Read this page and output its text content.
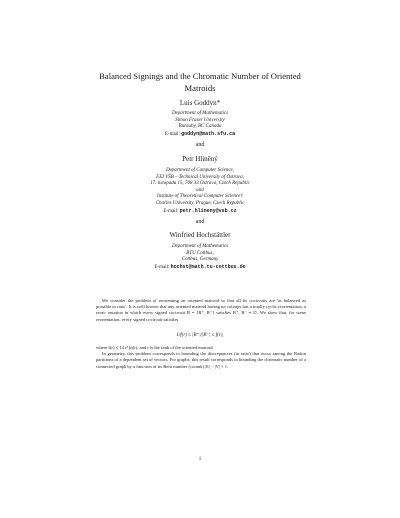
Balanced Signings and the Chromatic Number of Oriented
Matroids
Luis Goddyn*
Department of Mathematics
Simon Fraser University
Burnaby, BC Canada
E-mail: goddyn@math.sfu.ca
and
Petr Hliněný
Department of Computer Science,
FEI VŠB – Technical University of Ostrava,
17. listopadu 15, 708 33 Ostrava, Czech Republic
and
Institute of Theoretical Computer Science†
Charles University, Prague, Czech Republic
E-mail: petr.hlineny@vsb.cz
and
Winfried Hochstättler
Department of Mathematics
BTU Cottbus,
Cottbus, Germany
E-mail: hochst@math.tu-cottbus.de

We consider the problem of reorienting an oriented matroid so that all its cocircuits are 'as balanced as possible in ratio'. It is well known that any oriented matroid having no coloops has a totally cyclic reorientation, a reori- entation in which every signed cocircuit B = {B⁺, B⁻} satisfies B⁺, B⁻ ≠ ∅. We show that, for some reorientation, every signed cocircuit satisfies

1/f(r) ≤ |B⁺|/|B⁻| ≤ f(r),

where f(r) ≤ 14 r² ln(r), and r is the rank of the oriented matroid.

In geometry, this problem corresponds to bounding the discrepancies (in ratio) that occur among the Radon partitions of a dependent set of vectors. For graphs, this result corresponds to bounding the chromatic number of a connected graph by a function of its Betti number (corank) |E| − |V| + 1.

1
